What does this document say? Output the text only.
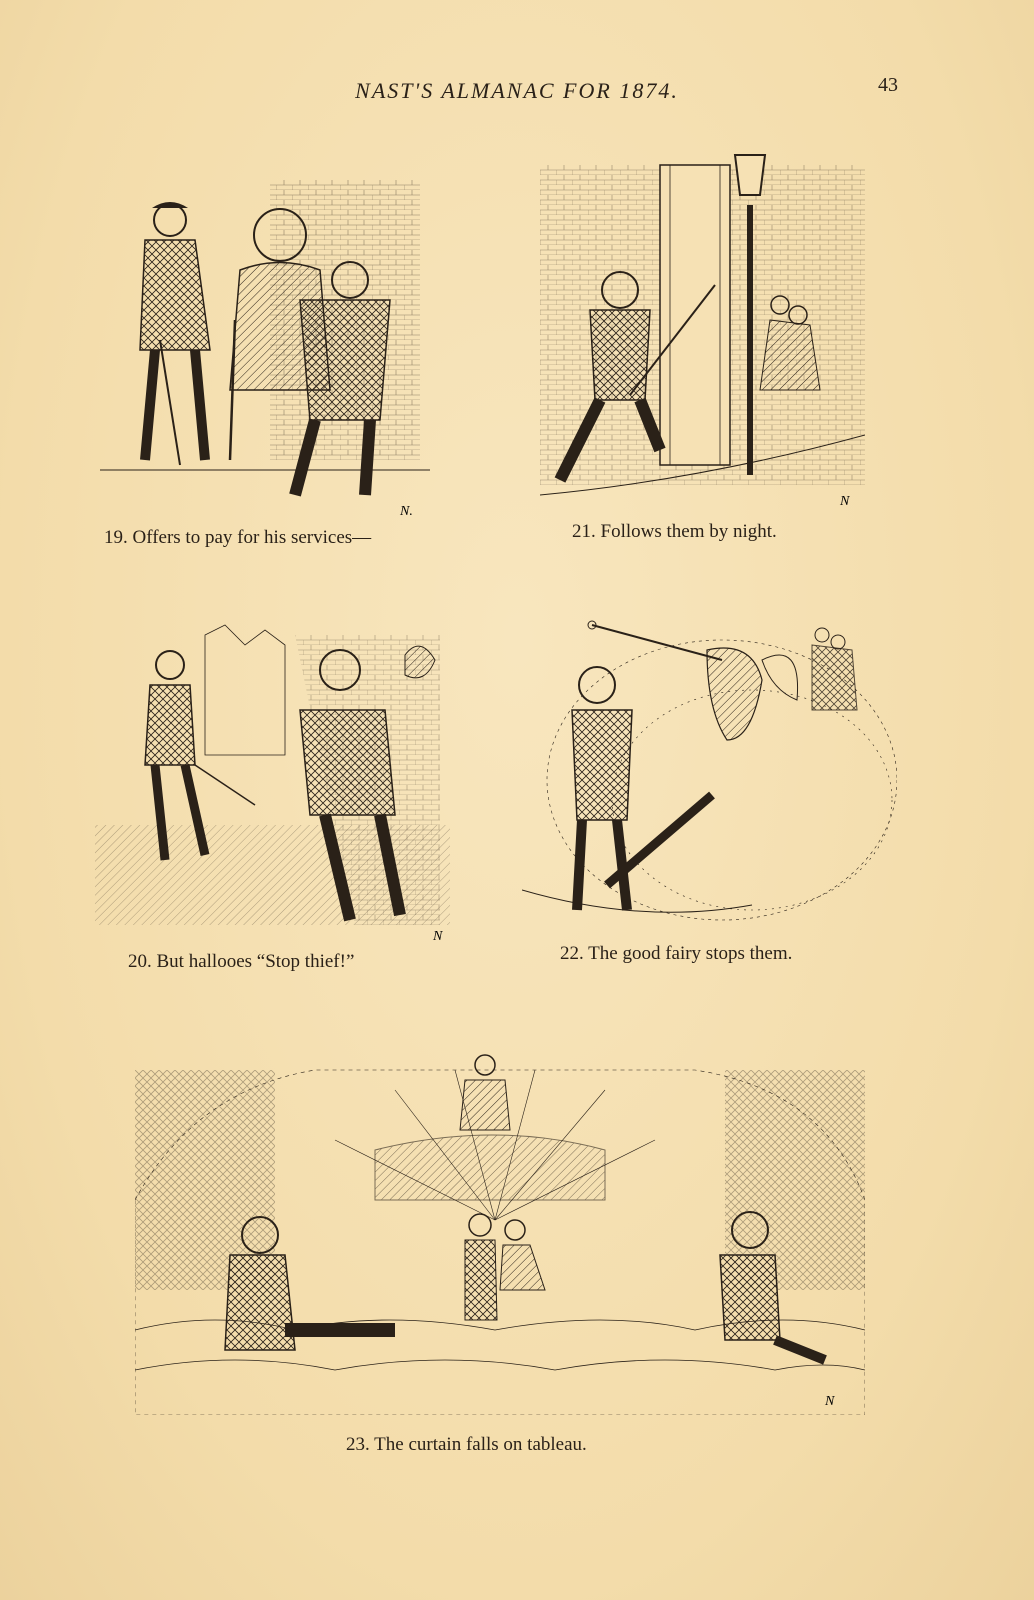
NAST'S ALMANAC FOR 1874.	43
N.
19. Offers to pay for his services—
N
21. Follows them by night.
N
20. But hallooes “Stop thief!”	22. The good fairy stops them.
N
23. The curtain falls on tableau.
